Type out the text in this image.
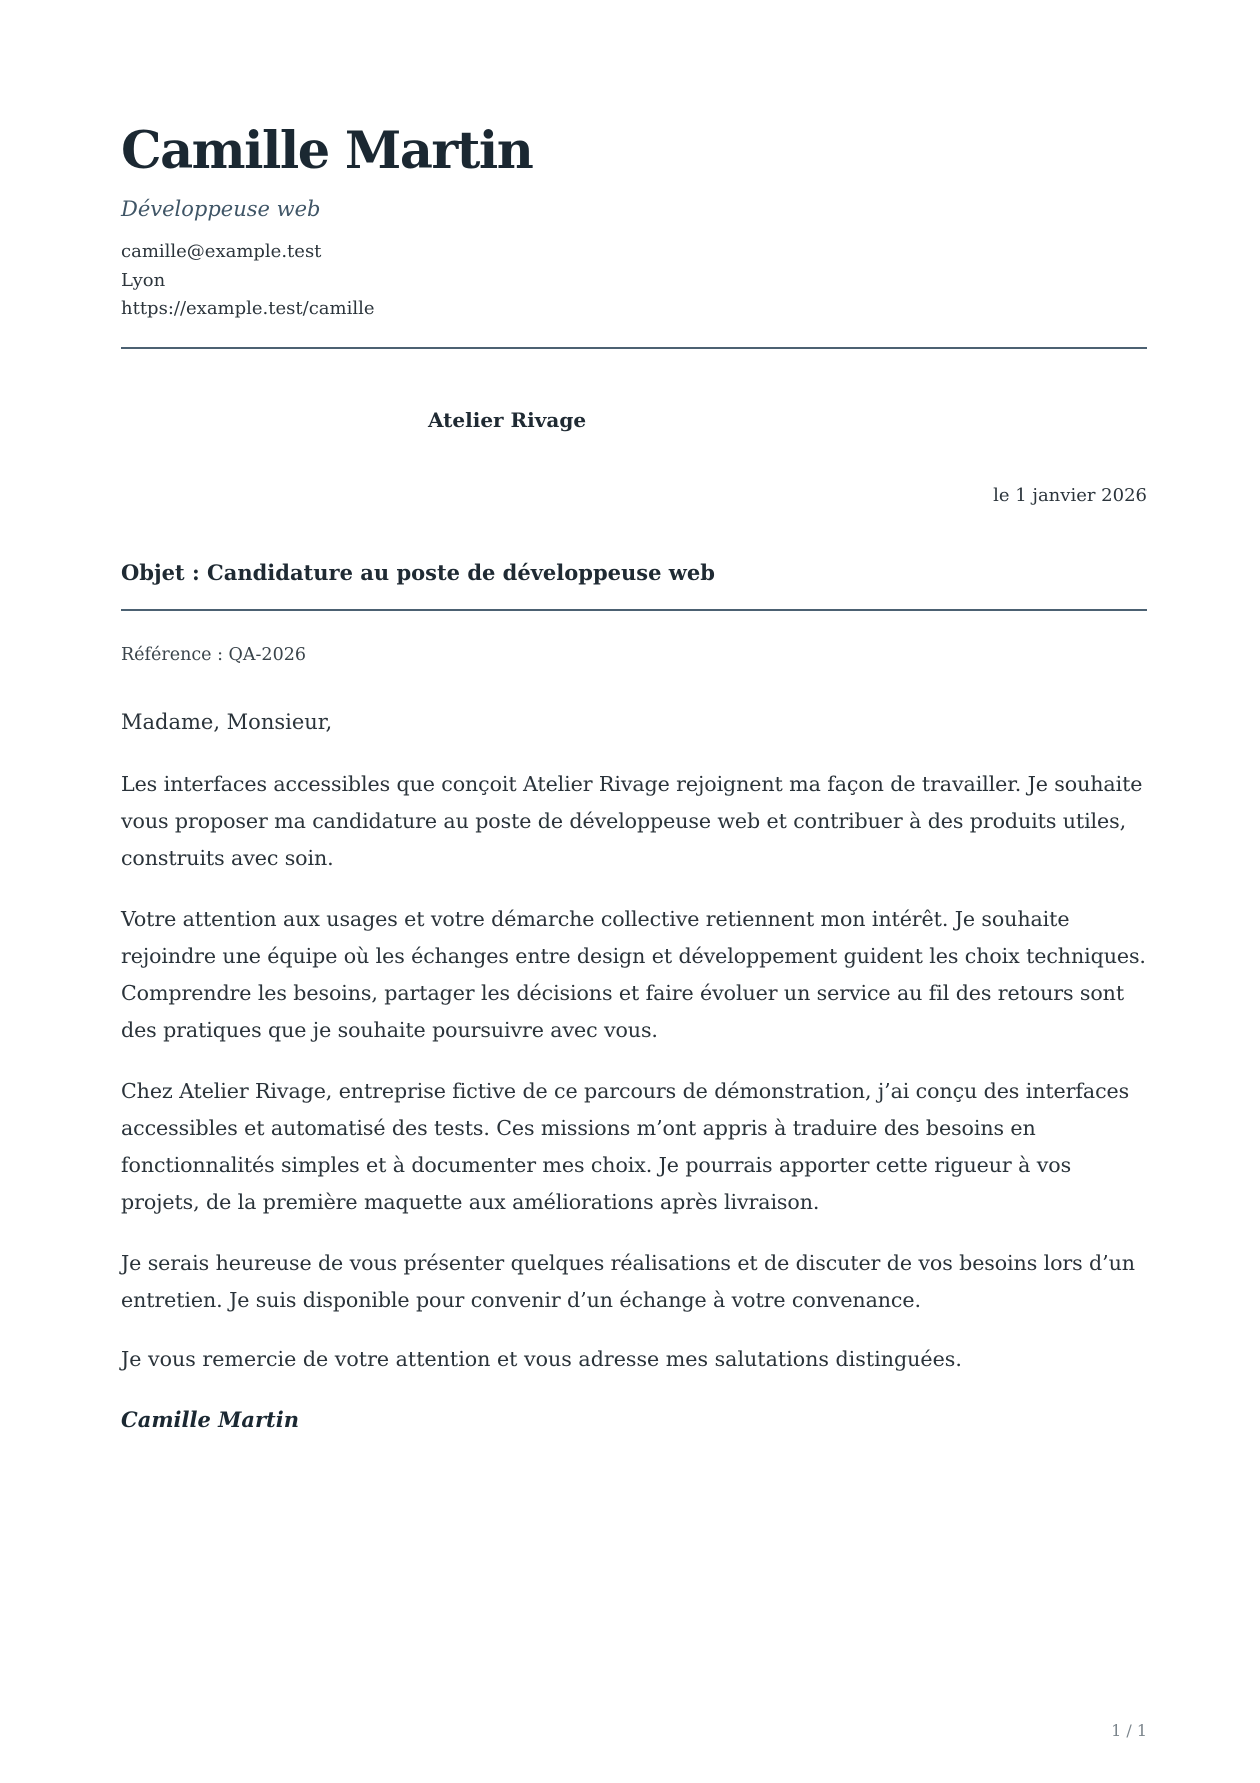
Camille Martin
Développeuse web
camille@example.test
Lyon
https://example.test/camille
Atelier Rivage
le 1 janvier 2026
Objet : Candidature au poste de développeuse web
Référence : QA-2026
Madame, Monsieur,

Les interfaces accessibles que conçoit Atelier Rivage rejoignent ma façon de travailler. Je souhaite vous proposer ma candidature au poste de développeuse web et contribuer à des produits utiles, construits avec soin.

Votre attention aux usages et votre démarche collective retiennent mon intérêt. Je souhaite rejoindre une équipe où les échanges entre design et développement guident les choix techniques. Comprendre les besoins, partager les décisions et faire évoluer un service au fil des retours sont des pratiques que je souhaite poursuivre avec vous.

Chez Atelier Rivage, entreprise fictive de ce parcours de démonstration, j’ai conçu des interfaces accessibles et automatisé des tests. Ces missions m’ont appris à traduire des besoins en fonctionnalités simples et à documenter mes choix. Je pourrais apporter cette rigueur à vos projets, de la première maquette aux améliorations après livraison.

Je serais heureuse de vous présenter quelques réalisations et de discuter de vos besoins lors d’un entretien. Je suis disponible pour convenir d’un échange à votre convenance.

Je vous remercie de votre attention et vous adresse mes salutations distinguées.
Camille Martin
1 / 1
